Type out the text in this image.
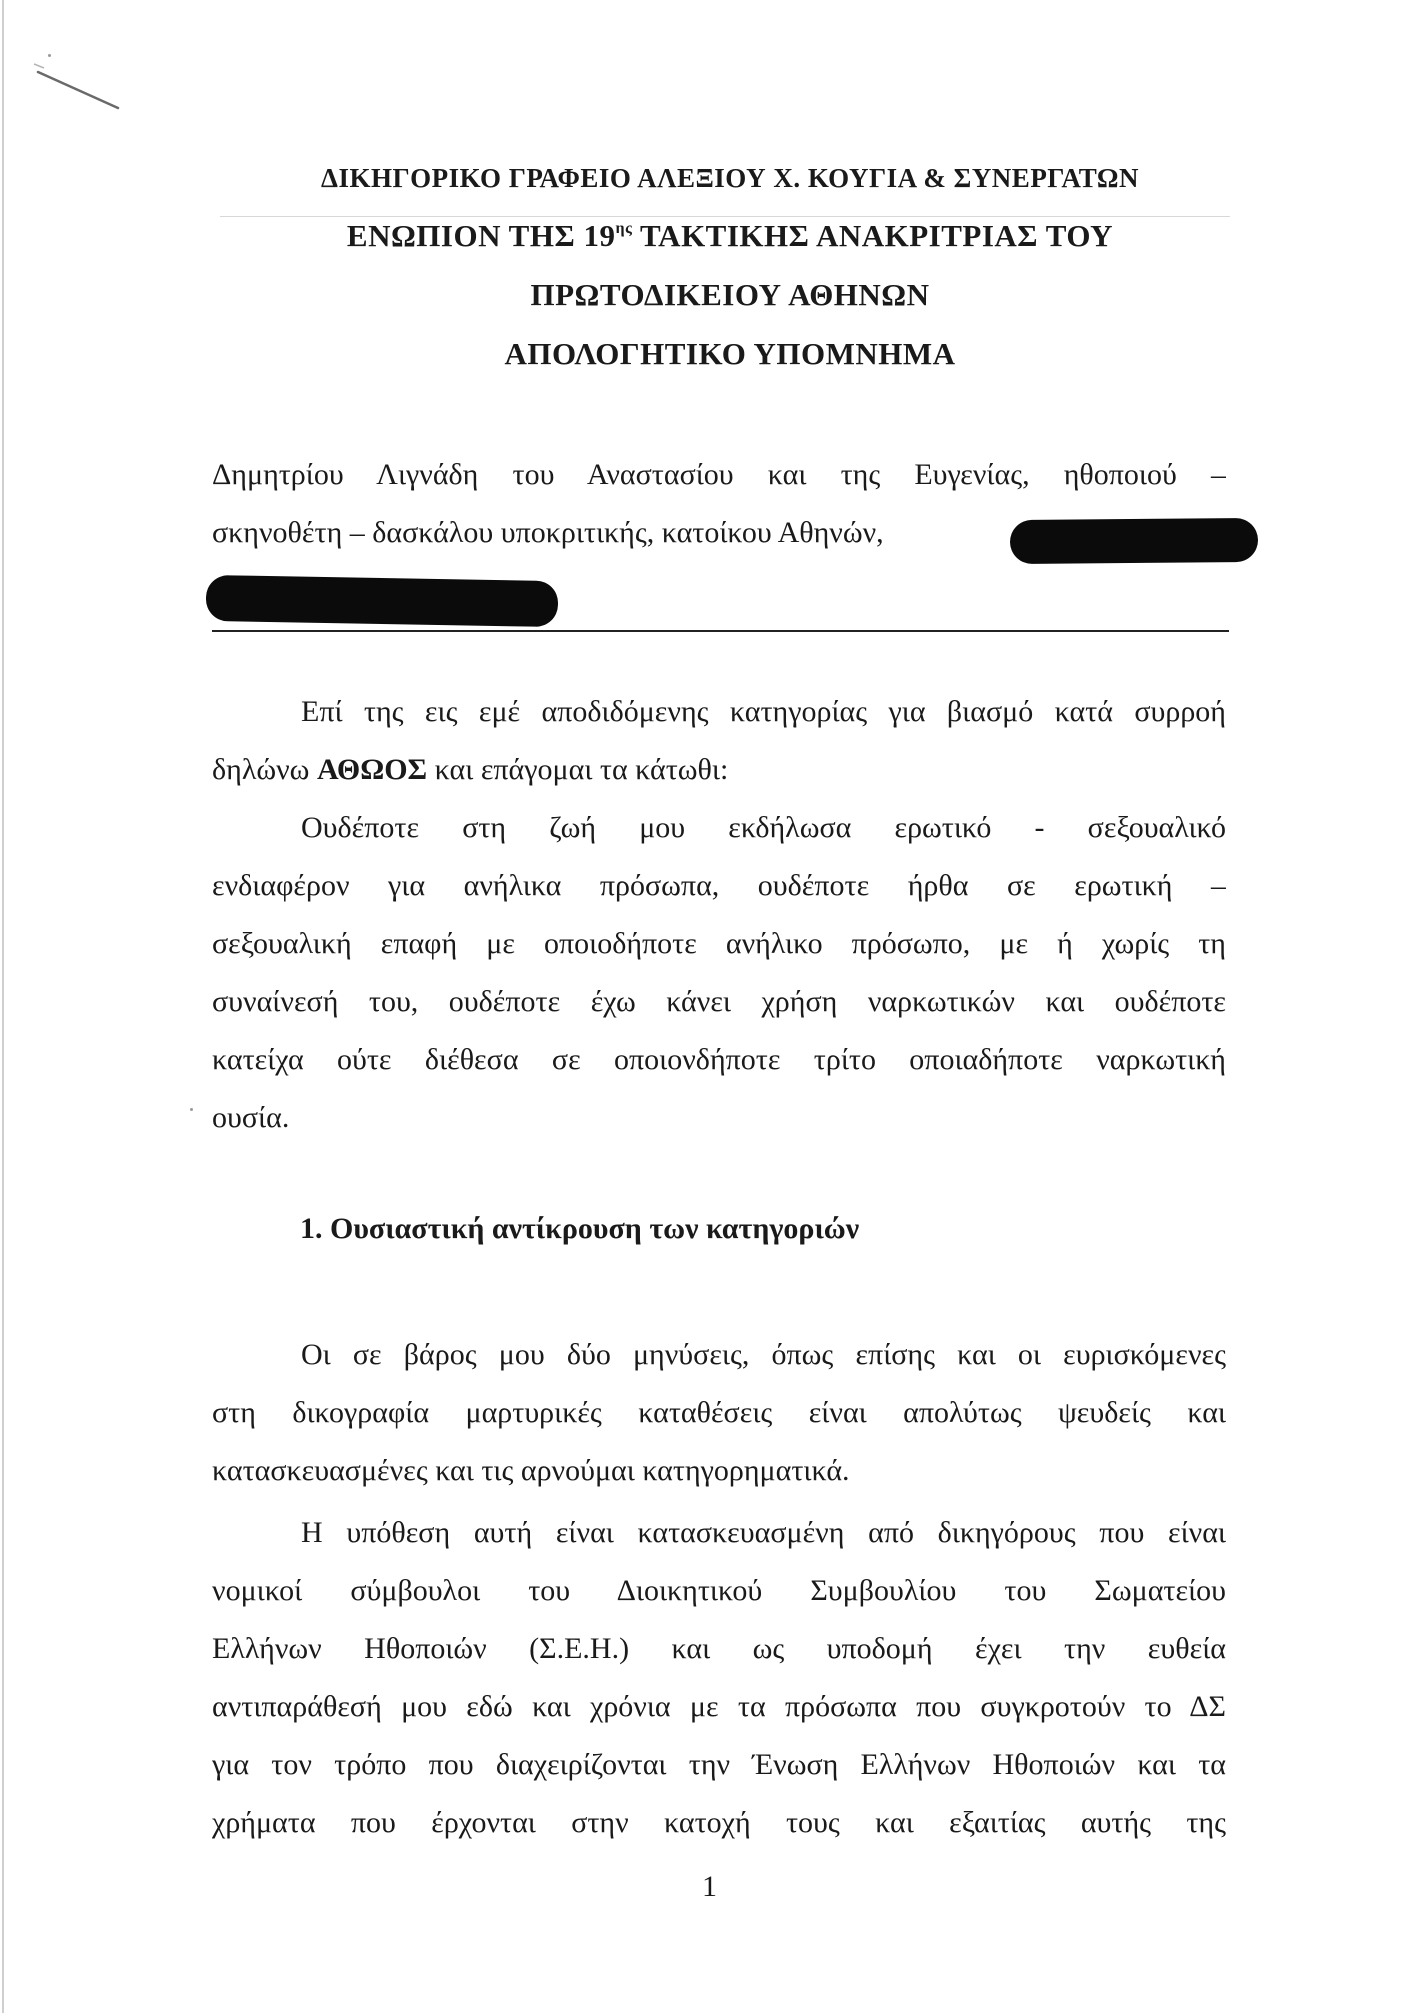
ΔΙΚΗΓΟΡΙΚΟ ΓΡΑΦΕΙΟ ΑΛΕΞΙΟΥ Χ. ΚΟΥΓΙΑ & ΣΥΝΕΡΓΑΤΩΝ
ΕΝΩΠΙΟΝ ΤΗΣ $19^{\eta\varsigma}$ ΤΑΚΤΙΚΗΣ ΑΝΑΚΡΙΤΡΙΑΣ ΤΟΥ
ΠΡΩΤΟΔΙΚΕΙΟΥ ΑΘΗΝΩΝ
ΑΠΟΛΟΓΗΤΙΚΟ ΥΠΟΜΝΗΜΑ
Δημητρίου Λιγνάδη του Αναστασίου και της Ευγενίας, ηθοποιού –
σκηνοθέτη – δασκάλου υποκριτικής, κατοίκου Αθηνών,
Επί της εις εμέ αποδιδόμενης κατηγορίας για βιασμό κατά συρροή
δηλώνω ΑΘΩΟΣ και επάγομαι τα κάτωθι:
Ουδέποτε στη ζωή μου εκδήλωσα ερωτικό - σεξουαλικό
ενδιαφέρον για ανήλικα πρόσωπα, ουδέποτε ήρθα σε ερωτική –
σεξουαλική επαφή με οποιοδήποτε ανήλικο πρόσωπο, με ή χωρίς τη
συναίνεσή του, ουδέποτε έχω κάνει χρήση ναρκωτικών και ουδέποτε
κατείχα ούτε διέθεσα σε οποιονδήποτε τρίτο οποιαδήποτε ναρκωτική
ουσία.
1. Ουσιαστική αντίκρουση των κατηγοριών
Οι σε βάρος μου δύο μηνύσεις, όπως επίσης και οι ευρισκόμενες
στη δικογραφία μαρτυρικές καταθέσεις είναι απολύτως ψευδείς και
κατασκευασμένες και τις αρνούμαι κατηγορηματικά.
Η υπόθεση αυτή είναι κατασκευασμένη από δικηγόρους που είναι
νομικοί σύμβουλοι του Διοικητικού Συμβουλίου του Σωματείου
Ελλήνων Ηθοποιών (Σ.Ε.Η.) και ως υποδομή έχει την ευθεία
αντιπαράθεσή μου εδώ και χρόνια με τα πρόσωπα που συγκροτούν το ΔΣ
για τον τρόπο που διαχειρίζονται την Ένωση Ελλήνων Ηθοποιών και τα
χρήματα που έρχονται στην κατοχή τους και εξαιτίας αυτής της
1
